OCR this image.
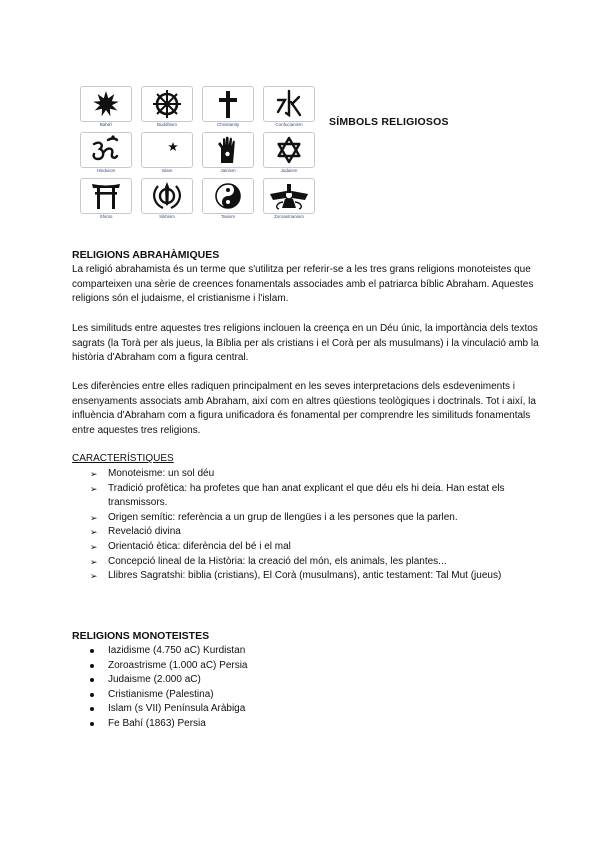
Bahá'í	Buddhism	Christianity	Confucianism
Hinduism	Islam	Jainism	Judaism
Shinto	Sikhism	Taoism	Zoroastrianism
SÍMBOLS RELIGIOSOS
RELIGIONS ABRAHÀMIQUES

La religió abrahamista és un terme que s'utilitza per referir-se a les tres grans religions monoteistes que comparteixen una sèrie de creences fonamentals associades amb el patriarca bíblic Abraham. Aquestes religions són el judaisme, el cristianisme i l'islam.

Les similituds entre aquestes tres religions inclouen la creença en un Déu únic, la importància dels textos sagrats (la Torà per als jueus, la Bíblia per als cristians i el Corà per als musulmans) i la vinculació amb la història d'Abraham com a figura central.

Les diferències entre elles radiquen principalment en les seves interpretacions dels esdeveniments i ensenyaments associats amb Abraham, així com en altres qüestions teològiques i doctrinals. Tot i així, la influència d'Abraham com a figura unificadora és fonamental per comprendre les similituds fonamentals entre aquestes tres religions.

CARACTERÍSTIQUES
➢ Monoteisme: un sol déu
➢ Tradició profètica: ha profetes que han anat explicant el que déu els hi deia. Han estat els transmissors.
➢ Origen semític: referència a un grup de llengües i a les persones que la parlen.
➢ Revelació divina
➢ Orientació ètica: diferència del bé i el mal
➢ Concepció lineal de la Història: la creació del món, els animals, les plantes...
➢ Llibres Sagratshi: biblia (cristians), El Corà (musulmans), antic testament: Tal Mut (jueus)
RELIGIONS MONOTEISTES
Iazidisme (4.750 aC) Kurdistan
Zoroastrisme (1.000 aC) Persia
Judaisme (2.000 aC)
Cristianisme (Palestina)
Islam (s VII) Península Aràbiga
Fe Bahí (1863) Persia
